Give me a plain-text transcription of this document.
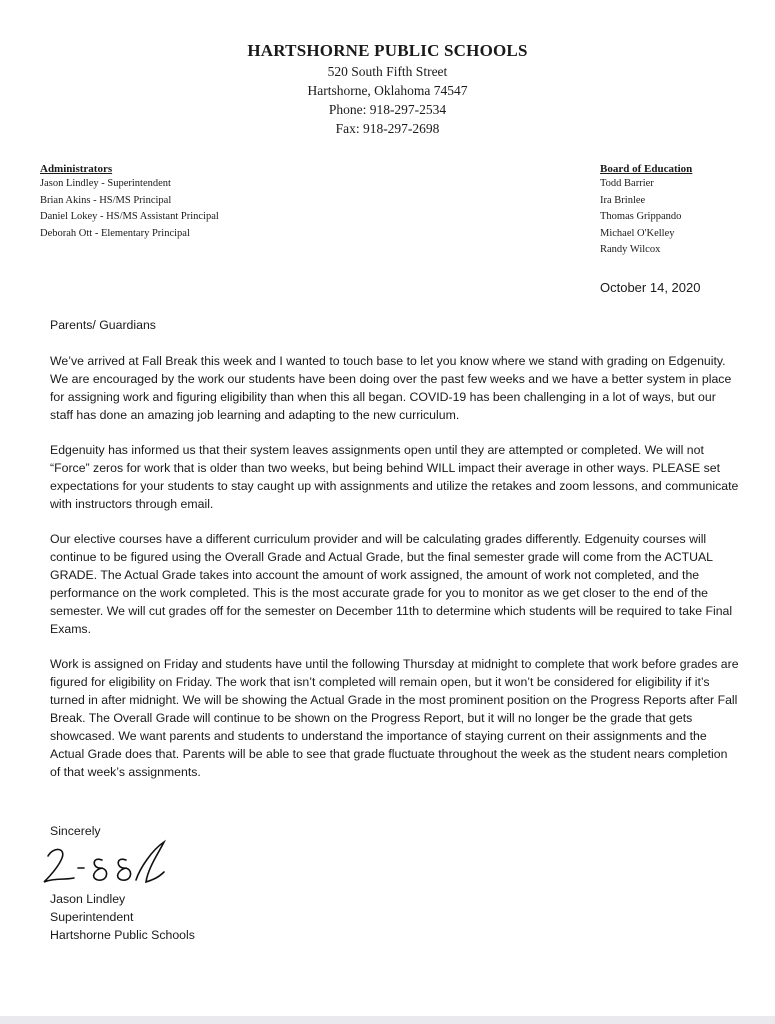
HARTSHORNE PUBLIC SCHOOLS
520 South Fifth Street
Hartshorne, Oklahoma 74547
Phone: 918-297-2534
Fax: 918-297-2698
Administrators
Jason Lindley - Superintendent
Brian Akins - HS/MS Principal
Daniel Lokey - HS/MS Assistant Principal
Deborah Ott - Elementary Principal
Board of Education
Todd Barrier
Ira Brinlee
Thomas Grippando
Michael O'Kelley
Randy Wilcox
October 14, 2020

Parents/ Guardians

We’ve arrived at Fall Break this week and I wanted to touch base to let you know where we stand with grading on Edgenuity. We are encouraged by the work our students have been doing over the past few weeks and we have a better system in place for assigning work and figuring eligibility than when this all began. COVID-19 has been challenging in a lot of ways, but our staff has done an amazing job learning and adapting to the new curriculum.

Edgenuity has informed us that their system leaves assignments open until they are attempted or completed. We will not “Force” zeros for work that is older than two weeks, but being behind WILL impact their average in other ways. PLEASE set expectations for your students to stay caught up with assignments and utilize the retakes and zoom lessons, and communicate with instructors through email.

Our elective courses have a different curriculum provider and will be calculating grades differently. Edgenuity courses will continue to be figured using the Overall Grade and Actual Grade, but the final semester grade will come from the ACTUAL GRADE. The Actual Grade takes into account the amount of work assigned, the amount of work not completed, and the performance on the work completed. This is the most accurate grade for you to monitor as we get closer to the end of the semester. We will cut grades off for the semester on December 11th to determine which students will be required to take Final Exams.

Work is assigned on Friday and students have until the following Thursday at midnight to complete that work before grades are figured for eligibility on Friday. The work that isn’t completed will remain open, but it won’t be considered for eligibility if it’s turned in after midnight. We will be showing the Actual Grade in the most prominent position on the Progress Reports after Fall Break. The Overall Grade will continue to be shown on the Progress Report, but it will no longer be the grade that gets showcased. We want parents and students to understand the importance of staying current on their assignments and the Actual Grade does that. Parents will be able to see that grade fluctuate throughout the week as the student nears completion of that week’s assignments.

Sincerely
Jason Lindley
Superintendent
Hartshorne Public Schools
